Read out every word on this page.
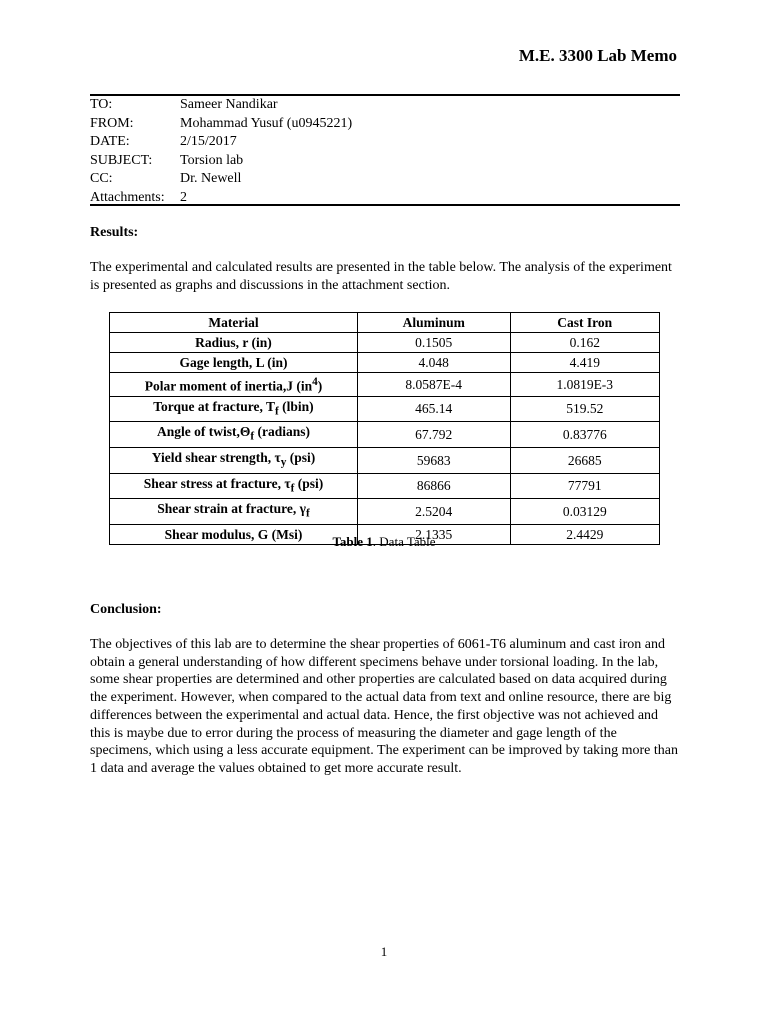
M.E. 3300 Lab Memo
TO:	Sameer Nandikar
FROM:	Mohammad Yusuf (u0945221)
DATE:	2/15/2017
SUBJECT:	Torsion lab
CC:	Dr. Newell
Attachments:	2
Results:
The experimental and calculated results are presented in the table below. The analysis of the experiment is presented as graphs and discussions in the attachment section.
Material	Aluminum	Cast Iron
Radius, r (in)	0.1505	0.162
Gage length, L (in)	4.048	4.419
Polar moment of inertia,J $(in^4)$	8.0587E-4	1.0819E-3
Torque at fracture, $T_f$ (lbin)	465.14	519.52
Angle of $twist,\Theta_f$ (radians)	67.792	0.83776
Yield shear strength, $\tau_y$ (psi)	59683	26685
Shear stress at fracture, $\tau_f$ (psi)	86866	77791
Shear strain at fracture, $\gamma_f$	2.5204	0.03129
Shear modulus, G (Msi)	2.1335	2.4429
Table 1. Data Table
Conclusion:
The objectives of this lab are to determine the shear properties of 6061-T6 aluminum and cast iron and obtain a general understanding of how different specimens behave under torsional loading. In the lab, some shear properties are determined and other properties are calculated based on data acquired during the experiment. However, when compared to the actual data from text and online resource, there are big differences between the experimental and actual data. Hence, the first objective was not achieved and this is maybe due to error during the process of measuring the diameter and gage length of the specimens, which using a less accurate equipment. The experiment can be improved by taking more than 1 data and average the values obtained to get more accurate result.
1
